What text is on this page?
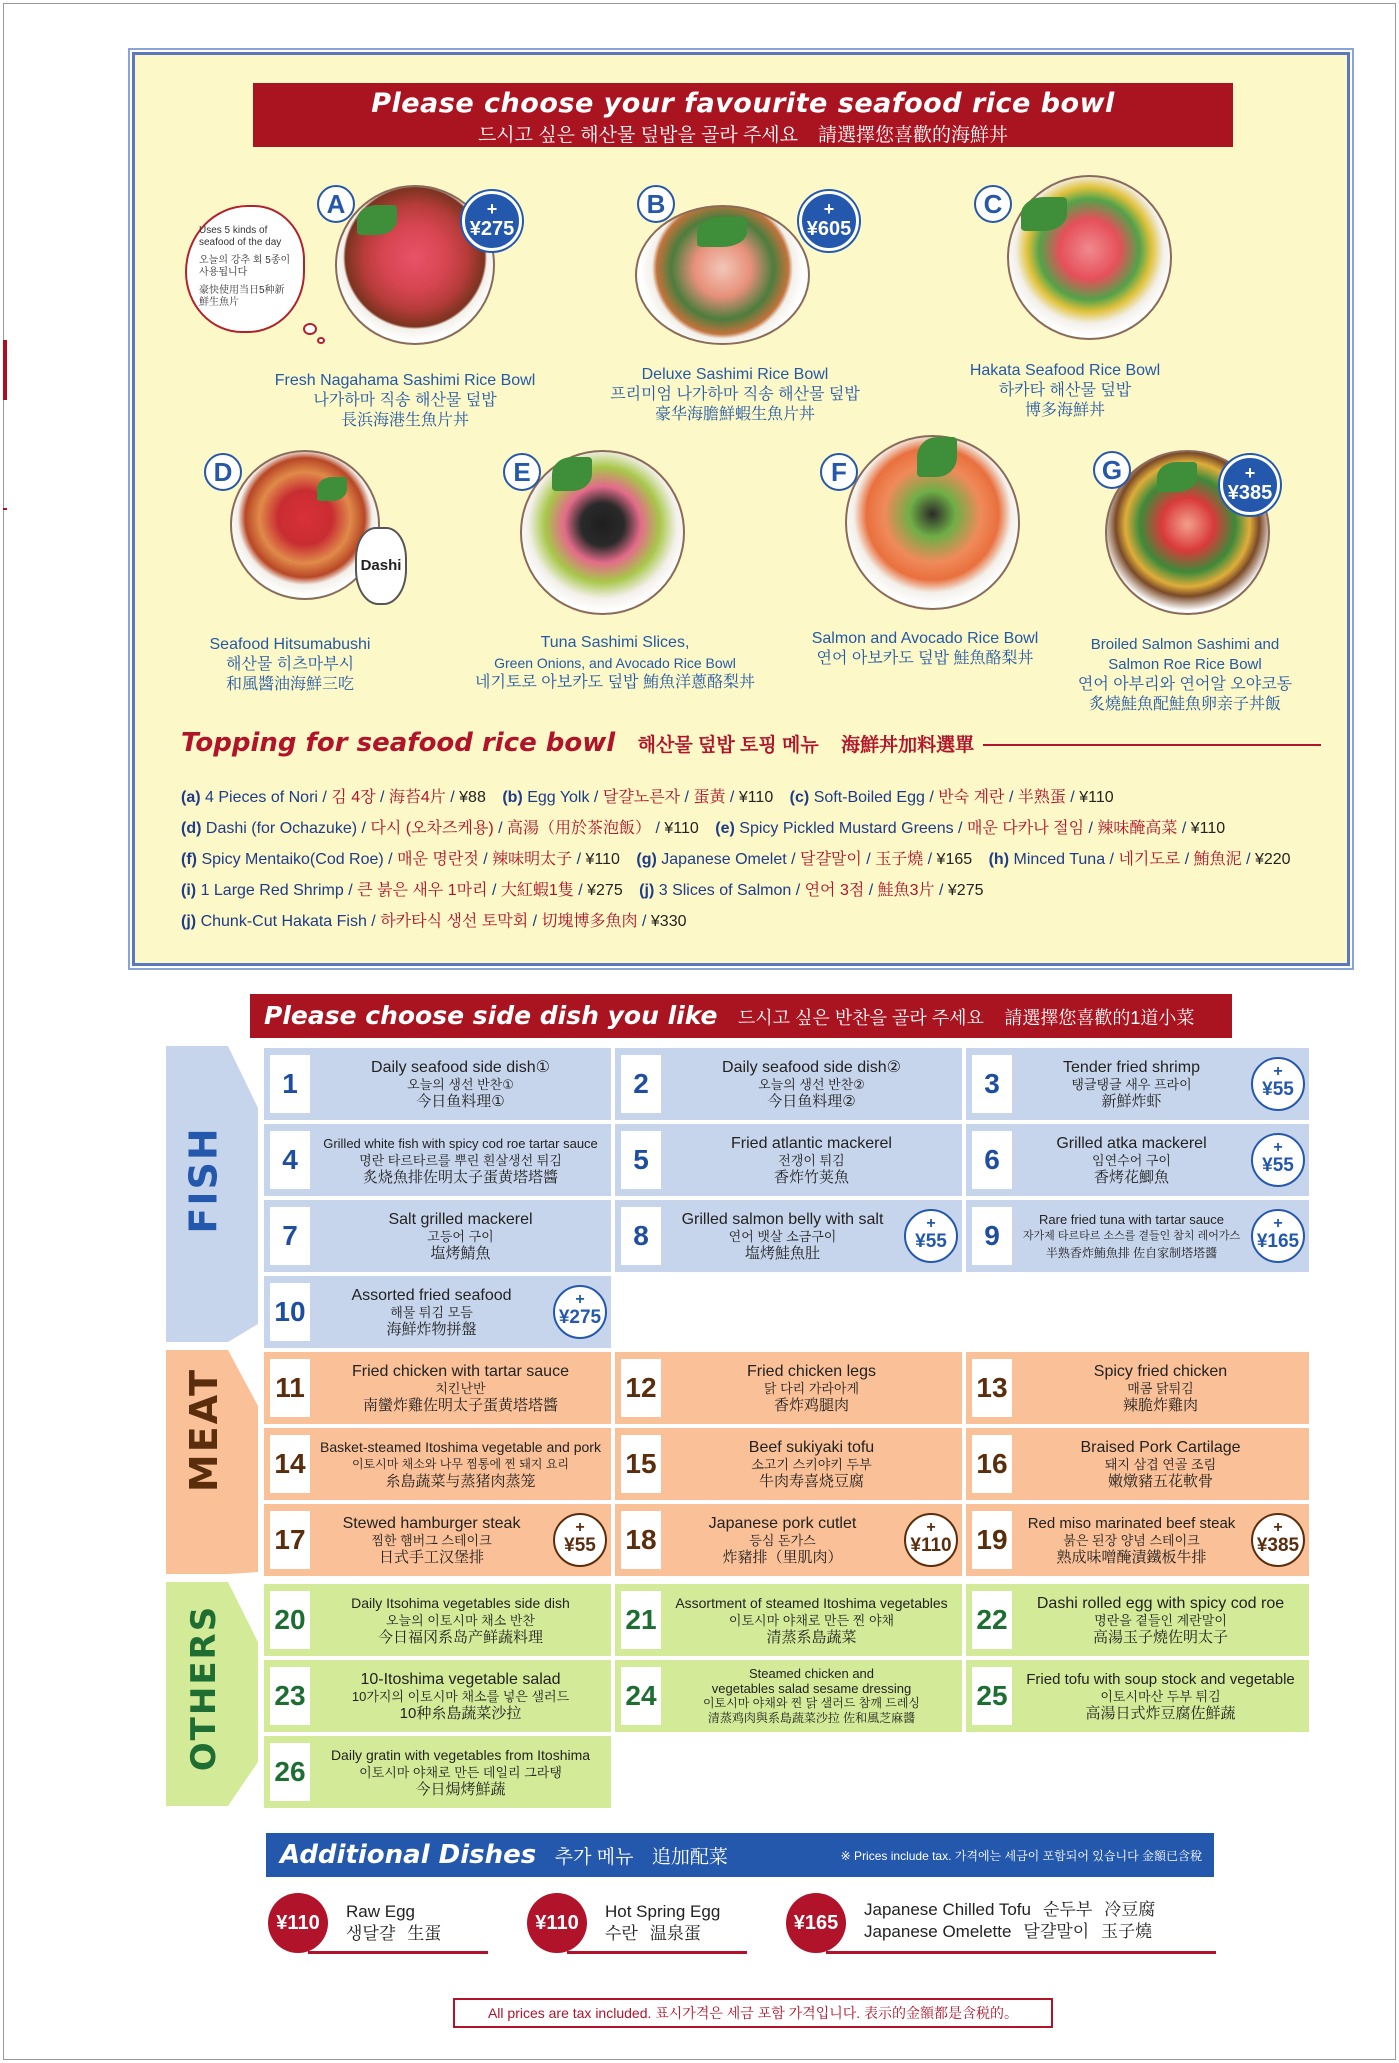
Please choose your favourite seafood rice bowl
드시고 싶은 해산물 덮밥을 골라 주세요 請選擇您喜歡的海鮮丼
Uses 5 kinds of seafood of the day
오늘의 강추 회 5종이 사용됩니다
豪快使用当日5种新鮮生魚片
A	+
¥275
Fresh Nagahama Sashimi Rice Bowl
나가하마 직송 해산물 덮밥
長浜海港生魚片丼
B	+
¥605
Deluxe Sashimi Rice Bowl
프리미엄 나가하마 직송 해산물 덮밥
豪华海膽鮮蝦生魚片丼
C
Hakata Seafood Rice Bowl
하카타 해산물 덮밥
博多海鮮丼
Dashi
D
Seafood Hitsumabushi
해산물 히츠마부시
和風醬油海鮮三吃
E
Tuna Sashimi Slices,
Green Onions, and Avocado Rice Bowl
네기토로 아보카도 덮밥 鮪魚洋蔥酪梨丼
F
Salmon and Avocado Rice Bowl
연어 아보카도 덮밥 鮭魚酪梨丼
G	+
¥385
Broiled Salmon Sashimi and
Salmon Roe Rice Bowl
연어 아부리와 연어알 오야코동
炙燒鮭魚配鮭魚卵亲子丼飯
Topping for seafood rice bowl 해산물 덮밥 토핑 메뉴 海鮮丼加料選單
(a) 4 Pieces of Nori / 김 4장 / 海苔4片 / ¥88 (b) Egg Yolk / 달걀노른자 / 蛋黃 / ¥110 (c) Soft-Boiled Egg / 반숙 계란 / 半熟蛋 / ¥110
(d) Dashi (for Ochazuke) / 다시 (오차즈케용) / 高湯（用於茶泡飯） / ¥110 (e) Spicy Pickled Mustard Greens / 매운 다카나 절임 / 辣味醃高菜 / ¥110
(f) Spicy Mentaiko(Cod Roe) / 매운 명란젓 / 辣味明太子 / ¥110 (g) Japanese Omelet / 달걀말이 / 玉子燒 / ¥165 (h) Minced Tuna / 네기도로 / 鮪魚泥 / ¥220
(i) 1 Large Red Shrimp / 큰 붉은 새우 1마리 / 大紅蝦1隻 / ¥275 (j) 3 Slices of Salmon / 연어 3점 / 鮭魚3片 / ¥275
(j) Chunk-Cut Hakata Fish / 하카타식 생선 토막회 / 切塊博多魚肉 / ¥330
Please choose side dish you like 드시고 싶은 반찬을 골라 주세요 請選擇您喜歡的1道小菜
FISH
MEAT
OTHERS
1
Daily seafood side dish①
오늘의 생선 반찬①
今日鱼料理①
2
Daily seafood side dish②
오늘의 생선 반찬②
今日鱼料理②
3
Tender fried shrimp
탱글탱글 새우 프라이
新鮮炸虾
+
¥55
4
Grilled white fish with spicy cod roe tartar sauce
명란 타르타르를 뿌린 흰살생선 튀김
炙烧魚排佐明太子蛋黄塔塔醬
5
Fried atlantic mackerel
전갱이 튀김
香炸竹荚魚
6
Grilled atka mackerel
임연수어 구이
香烤花鯽魚
+
¥55
7
Salt grilled mackerel
고등어 구이
塩烤鯖魚
8
Grilled salmon belly with salt
연어 뱃살 소금구이
塩烤鮭魚肚
+
¥55	9
Rare fried tuna with tartar sauce
자가제 타르타르 소스를 곁들인 참치 레어가스
半熟香炸鮪魚排 佐自家制塔塔醬
+
¥165
10
Assorted fried seafood
해물 튀김 모듬
海鮮炸物拼盤
+
¥275
11
Fried chicken with tartar sauce
치킨난반
南蠻炸雞佐明太子蛋黄塔塔醬
12
Fried chicken legs
닭 다리 가라아게
香炸鸡腿肉
13
Spicy fried chicken
매콤 닭튀김
辣脆炸雞肉
14
Basket-steamed Itoshima vegetable and pork
이토시마 채소와 나무 찜통에 찐 돼지 요리
糸島蔬菜与蒸猪肉蒸笼
15
Beef sukiyaki tofu
소고기 스키야키 두부
牛肉寿喜烧豆腐
16
Braised Pork Cartilage
돼지 삼겹 연골 조림
嫩燉豬五花軟骨
17
Stewed hamburger steak
찜한 햄버그 스테이크
日式手工汉堡排
+
¥55	18
Japanese pork cutlet
등심 돈가스
炸豬排（里肌肉）
+
¥110 19
Red miso marinated beef steak
붉은 된장 양념 스테이크
熟成味噌醃漬鐵板牛排
+
¥385
20
Daily Itsohima vegetables side dish
오늘의 이토시마 채소 반찬
今日福冈系岛产鲜蔬料理
21
Assortment of steamed Itoshima vegetables
이토시마 야채로 만든 찐 야채
清蒸系島蔬菜
22
Dashi rolled egg with spicy cod roe
명란을 곁들인 계란말이
高湯玉子燒佐明太子
23
10-Itoshima vegetable salad
10가지의 이토시마 채소를 넣은 샐러드
10种糸島蔬菜沙拉
24
Steamed chicken and
vegetables salad sesame dressing
이토시마 야채와 찐 닭 샐러드 참깨 드레싱
清蒸鸡肉與系島蔬菜沙拉 佐和風芝麻醬
25
Fried tofu with soup stock and vegetable
이토시마산 두부 튀김
高湯日式炸豆腐佐鮮蔬
26
Daily gratin with vegetables from Itoshima
이토시마 야채로 만든 데일리 그라탱
今日焗烤鮮蔬
Additional Dishes 추가 메뉴 追加配菜	※ Prices include tax. 가격에는 세금이 포함되어 있습니다 金額已含稅
¥110
Raw Egg
생달걀 生蛋	¥110
Hot Spring Egg
수란 温泉蛋	¥165
Japanese Chilled Tofu 순두부 冷豆腐
Japanese Omelette 달걀말이 玉子燒
All prices are tax included. 표시가격은 세금 포함 가격입니다. 表示的金額都是含税的。
